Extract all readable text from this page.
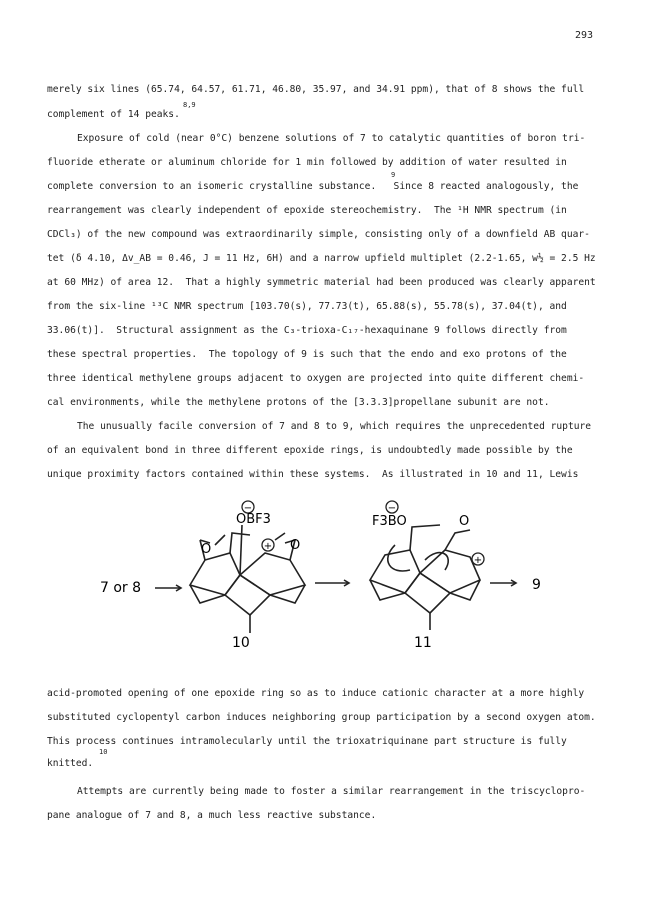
293
merely six lines (65.74, 64.57, 61.71, 46.80, 35.97, and 34.91 ppm), that of 8 shows the full
complement of 14 peaks.
8,9
Exposure of cold (near 0°C) benzene solutions of 7 to catalytic quantities of boron tri-
fluoride etherate or aluminum chloride for 1 min followed by addition of water resulted in
complete conversion to an isomeric crystalline substance.   Since 8 reacted analogously, the
9
rearrangement was clearly independent of epoxide stereochemistry.  The ¹H NMR spectrum (in
CDCl₃) of the new compound was extraordinarily simple, consisting only of a downfield AB quar-
tet (δ 4.10, Δv_AB = 0.46, J = 11 Hz, 6H) and a narrow upfield multiplet (2.2-1.65, w½ = 2.5 Hz
at 60 MHz) of area 12.  That a highly symmetric material had been produced was clearly apparent
from the six-line ¹³C NMR spectrum [103.70(s), 77.73(t), 65.88(s), 55.78(s), 37.04(t), and
33.06(t)].  Structural assignment as the C₃-trioxa-C₁₇-hexaquinane 9 follows directly from
these spectral properties.  The topology of 9 is such that the endo and exo protons of the
three identical methylene groups adjacent to oxygen are projected into quite different chemi-
cal environments, while the methylene protons of the [3.3.3]propellane subunit are not.
The unusually facile conversion of 7 and 8 to 9, which requires the unprecedented rupture
of an equivalent bond in three different epoxide rings, is undoubtedly made possible by the
unique proximity factors contained within these systems.  As illustrated in 10 and 11, Lewis
−
+
−
+
OBF3
O	O
F3BO	O
7 or 8	9
10	11
acid-promoted opening of one epoxide ring so as to induce cationic character at a more highly
substituted cyclopentyl carbon induces neighboring group participation by a second oxygen atom.
This process continues intramolecularly until the trioxatriquinane part structure is fully
10
knitted.
Attempts are currently being made to foster a similar rearrangement in the triscyclopro-
pane analogue of 7 and 8, a much less reactive substance.
